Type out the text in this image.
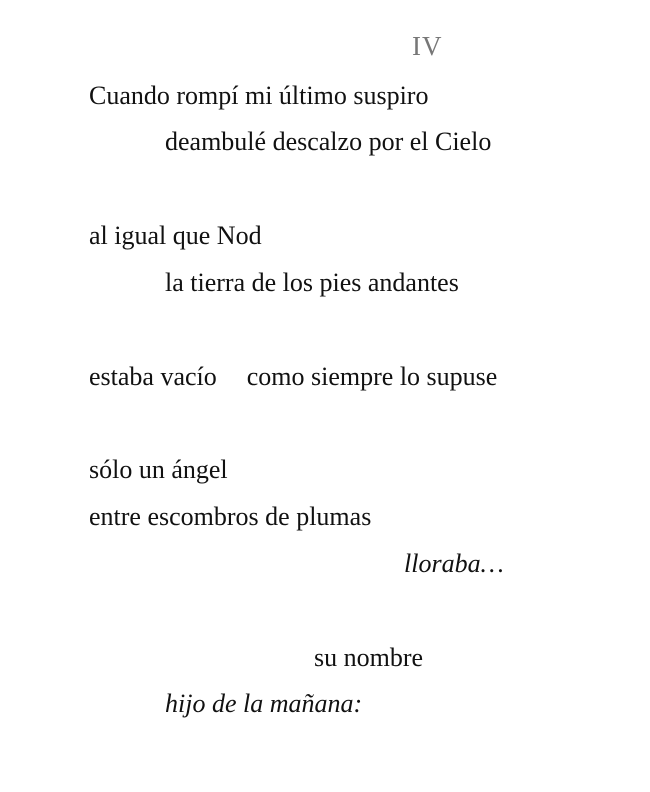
IV
Cuando rompí mi último suspiro
deambulé descalzo por el Cielo
al igual que Nod
la tierra de los pies andantes
estaba vacío como siempre lo supuse
sólo un ángel
entre escombros de plumas
lloraba…
su nombre
hijo de la mañana:
